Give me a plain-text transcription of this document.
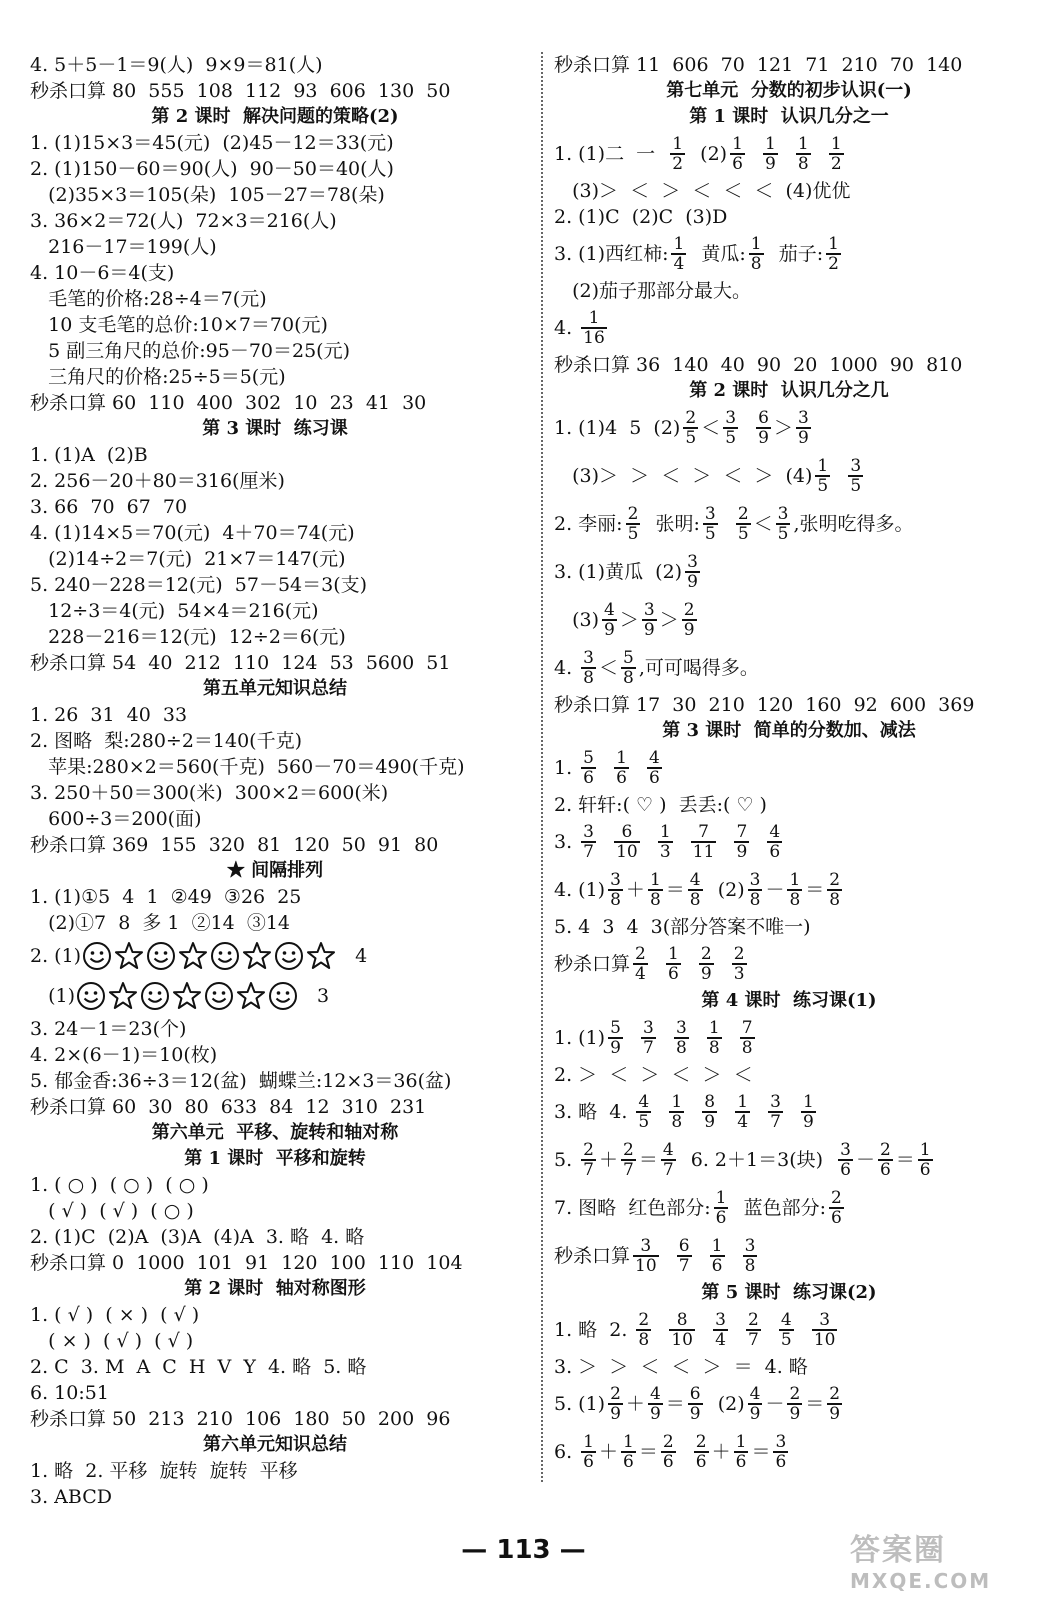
4. 5＋5－1＝9(人)  9×9＝81(人)
秒杀口算 80  555  108  112  93  606  130  50
第 2 课时  解决问题的策略(2)
1. (1)15×3＝45(元)  (2)45－12＝33(元)
2. (1)150－60＝90(人)  90－50＝40(人)
(2)35×3＝105(朵)  105－27＝78(朵)
3. 36×2＝72(人)  72×3＝216(人)
216－17＝199(人)
4. 10－6＝4(支)
毛笔的价格:28÷4＝7(元)
10 支毛笔的总价:10×7＝70(元)
5 副三角尺的总价:95－70＝25(元)
三角尺的价格:25÷5＝5(元)
秒杀口算 60  110  400  302  10  23  41  30
第 3 课时  练习课
1. (1)A  (2)B
2. 256－20＋80＝316(厘米)
3. 66  70  67  70
4. (1)14×5＝70(元)  4＋70＝74(元)
(2)14÷2＝7(元)  21×7＝147(元)
5. 240－228＝12(元)  57－54＝3(支)
12÷3＝4(元)  54×4＝216(元)
228－216＝12(元)  12÷2＝6(元)
秒杀口算 54  40  212  110  124  53  5600  51
第五单元知识总结
1. 26  31  40  33
2. 图略  梨:280÷2＝140(千克)
苹果:280×2＝560(千克)  560－70＝490(千克)
3. 250＋50＝300(米)  300×2＝600(米)
600÷3＝200(面)
秒杀口算 369  155  320  81  120  50  91  80
★ 间隔排列
1. (1)①5  4  1  ②49  ③26  25
(2)①7  8  多 1  ②14  ③14
2. (1)	4
(1)	3
3. 24－1＝23(个)
4. 2×(6－1)＝10(枚)
5. 郁金香:36÷3＝12(盆)  蝴蝶兰:12×3＝36(盆)
秒杀口算 60  30  80  633  84  12  310  231
第六单元  平移、旋转和轴对称
第 1 课时  平移和旋转
1. ( ○ )  ( ○ )  ( ○ )
( √ )  ( √ )  ( ○ )
2. (1)C  (2)A  (3)A  (4)A  3. 略  4. 略
秒杀口算 0  1000  101  91  120  100  110  104
第 2 课时  轴对称图形
1. ( √ )  ( × )  ( √ )
( × )  ( √ )  ( √ )
2. C  3. M  A  C  H  V  Y  4. 略  5. 略
6. 10:51
秒杀口算 50  213  210  106  180  50  200  96
第六单元知识总结
1. 略  2. 平移  旋转  旋转  平移
3. ABCD
秒杀口算 11  606  70  121  71  210  70  140
第七单元  分数的初步认识(一)
第 1 课时  认识几分之一
1. (1)二  一 $\frac{1}{2} (2) \frac{1}{6}$
$\frac{1}{9}$
$\frac{1}{8}$
$\frac{1}{2}$
(3)＞  ＜  ＞  ＜  ＜  ＜  (4)优优
2. (1)C  (2)C  (3)D
3. (1)西红柿: $\frac{1}{4}$ 黄瓜: $\frac{1}{8}$ 茄子: $\frac{1}{2}$
(2)茄子那部分最大。
4. $\frac{1}{16}$
秒杀口算 36  140  40  90  20  1000  90  810
第 2 课时  认识几分之几
1. (1)4  5  $(2) \frac{2}{5} < \frac{3}{5}$
$\frac{6}{9} > \frac{3}{9}$
(3)＞  ＞  ＜  ＞  ＜  ＞  $(4) \frac{1}{5}$
$\frac{3}{5}$
2. 李丽: $\frac{2}{5}$ 张明: $\frac{3}{5}$
$\frac{2}{5} < \frac{3}{5}$ ,张明吃得多。
3. (1)黄瓜  $(2) \frac{3}{9}$
$(3) \frac{4}{9} > \frac{3}{9} > \frac{2}{9}$
4. $\frac{3}{8} < \frac{5}{8}$ ,可可喝得多。
秒杀口算 17  30  210  120  160  92  600  369
第 3 课时  简单的分数加、减法
1. $\frac{5}{6}$
$\frac{1}{6}$
$\frac{4}{6}$
2. 轩轩:( ♡ )  丢丢:( ♡ )
3. $\frac{3}{7}$
$\frac{6}{10}$
$\frac{1}{3}$
$\frac{7}{11}$
$\frac{7}{9}$
$\frac{4}{6}$
4. $(1) \frac{3}{8} + \frac{1}{8} = \frac{4}{8} (2) \frac{3}{8} - \frac{1}{8} = \frac{2}{8}$
5. 4  3  4  3(部分答案不唯一)
秒杀口算 $\frac{2}{4}$
$\frac{1}{6}$
$\frac{2}{9}$
$\frac{2}{3}$
第 4 课时  练习课(1)
1. $(1) \frac{5}{9}$
$\frac{3}{7}$
$\frac{3}{8}$
$\frac{1}{8}$
$\frac{7}{8}$
2. ＞  ＜  ＞  ＜  ＞  ＜
3. 略  4. $\frac{4}{5}$
$\frac{1}{8}$
$\frac{8}{9}$
$\frac{1}{4}$
$\frac{3}{7}$
$\frac{1}{9}$
5. $\frac{2}{7} + \frac{2}{7} = \frac{4}{7} 6$. 2＋1＝3(块) $\frac{3}{6} - \frac{2}{6} = \frac{1}{6}$
7. 图略  红色部分: $\frac{1}{6}$ 蓝色部分: $\frac{2}{6}$
秒杀口算 $\frac{3}{10}$
$\frac{6}{7}$
$\frac{1}{6}$
$\frac{3}{8}$
第 5 课时  练习课(2)
1. 略  2. $\frac{2}{8}$
$\frac{8}{10}$
$\frac{3}{4}$
$\frac{2}{7}$
$\frac{4}{5}$
$\frac{3}{10}$
3. ＞  ＞  ＜  ＜  ＞  ＝  4. 略
5. $(1) \frac{2}{9} + \frac{4}{9} = \frac{6}{9} (2) \frac{4}{9} - \frac{2}{9} = \frac{2}{9}$
6. $\frac{1}{6} + \frac{1}{6} = \frac{2}{6}$
$\frac{2}{6} + \frac{1}{6} = \frac{3}{6}$
— 113 —	答案圈
MXQE.COM
